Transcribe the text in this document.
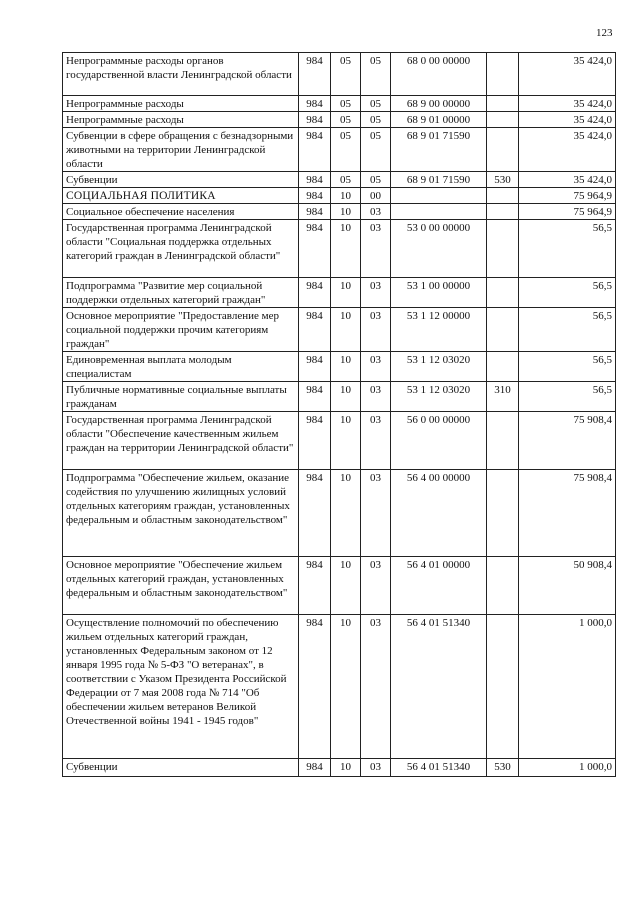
123
Непрограммные расходы органов государственной власти Ленинградской области	984	05	05	68 0 00 00000		35 424,0
Непрограммные расходы	984	05	05	68 9 00 00000		35 424,0
Непрограммные расходы	984	05	05	68 9 01 00000		35 424,0
Субвенции в сфере обращения с безнадзорными животными на территории Ленинградской области	984	05	05	68 9 01 71590		35 424,0
Субвенции	984	05	05	68 9 01 71590	530	35 424,0
СОЦИАЛЬНАЯ ПОЛИТИКА	984	10	00			75 964,9
Социальное обеспечение населения	984	10	03			75 964,9
Государственная программа Ленинградской области "Социальная поддержка отдельных категорий граждан в Ленинградской области"	984	10	03	53 0 00 00000		56,5
Подпрограмма "Развитие мер социальной поддержки отдельных категорий граждан"	984	10	03	53 1 00 00000		56,5
Основное мероприятие "Предоставление мер социальной поддержки прочим категориям граждан"	984	10	03	53 1 12 00000		56,5
Единовременная выплата молодым специалистам	984	10	03	53 1 12 03020		56,5
Публичные нормативные социальные выплаты гражданам	984	10	03	53 1 12 03020	310	56,5
Государственная программа Ленинградской области "Обеспечение качественным жильем граждан на территории Ленинградской области"	984	10	03	56 0 00 00000		75 908,4
Подпрограмма "Обеспечение жильем, оказание содействия по улучшению жилищных условий отдельных категориям граждан, установленных федеральным и областным законодательством"	984	10	03	56 4 00 00000		75 908,4
Основное мероприятие "Обеспечение жильем отдельных категорий граждан, установленных федеральным и областным законодательством"	984	10	03	56 4 01 00000		50 908,4
Осуществление полномочий по обеспечению жильем отдельных категорий граждан, установленных Федеральным законом от 12 января 1995 года № 5-ФЗ "О ветеранах", в соответствии с Указом Президента Российской Федерации от 7 мая 2008 года № 714 "Об обеспечении жильем ветеранов Великой Отечественной войны 1941 - 1945 годов"	984	10	03	56 4 01 51340		1 000,0
Субвенции	984	10	03	56 4 01 51340	530	1 000,0
